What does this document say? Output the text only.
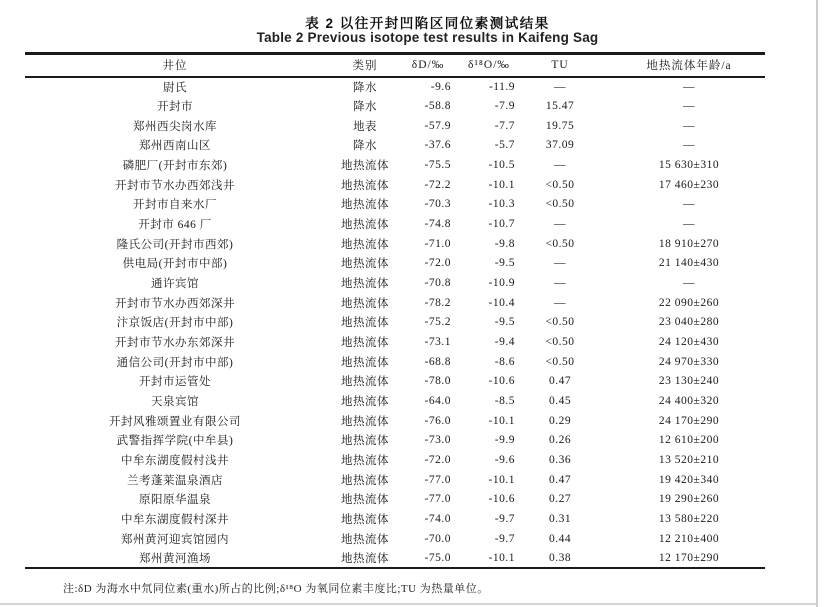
表 2 以往开封凹陷区同位素测试结果
Table 2 Previous isotope test results in Kaifeng Sag
井位	类别	δD/‰	δ¹⁸O/‰	TU	地热流体年龄/a
尉氏	降水	-9.6	-11.9	—	—
开封市	降水	-58.8	-7.9	15.47	—
郑州西尖岗水库	地表	-57.9	-7.7	19.75	—
郑州西南山区	降水	-37.6	-5.7	37.09	—
磷肥厂(开封市东郊)	地热流体	-75.5	-10.5	—	15 630±310
开封市节水办西郊浅井	地热流体	-72.2	-10.1	<0.50	17 460±230
开封市自来水厂	地热流体	-70.3	-10.3	<0.50	—
开封市 646 厂	地热流体	-74.8	-10.7	—	—
隆氏公司(开封市西郊)	地热流体	-71.0	-9.8	<0.50	18 910±270
供电局(开封市中部)	地热流体	-72.0	-9.5	—	21 140±430
通许宾馆	地热流体	-70.8	-10.9	—	—
开封市节水办西郊深井	地热流体	-78.2	-10.4	—	22 090±260
汴京饭店(开封市中部)	地热流体	-75.2	-9.5	<0.50	23 040±280
开封市节水办东郊深井	地热流体	-73.1	-9.4	<0.50	24 120±430
通信公司(开封市中部)	地热流体	-68.8	-8.6	<0.50	24 970±330
开封市运管处	地热流体	-78.0	-10.6	0.47	23 130±240
天泉宾馆	地热流体	-64.0	-8.5	0.45	24 400±320
开封风雅颂置业有限公司	地热流体	-76.0	-10.1	0.29	24 170±290
武警指挥学院(中牟县)	地热流体	-73.0	-9.9	0.26	12 610±200
中牟东湖度假村浅井	地热流体	-72.0	-9.6	0.36	13 520±210
兰考蓬莱温泉酒店	地热流体	-77.0	-10.1	0.47	19 420±340
原阳原华温泉	地热流体	-77.0	-10.6	0.27	19 290±260
中牟东湖度假村深井	地热流体	-74.0	-9.7	0.31	13 580±220
郑州黄河迎宾馆园内	地热流体	-70.0	-9.7	0.44	12 210±400
郑州黄河渔场	地热流体	-75.0	-10.1	0.38	12 170±290
注:δD 为海水中氘同位素(重水)所占的比例;δ¹⁸O 为氧同位素丰度比;TU 为热量单位。
